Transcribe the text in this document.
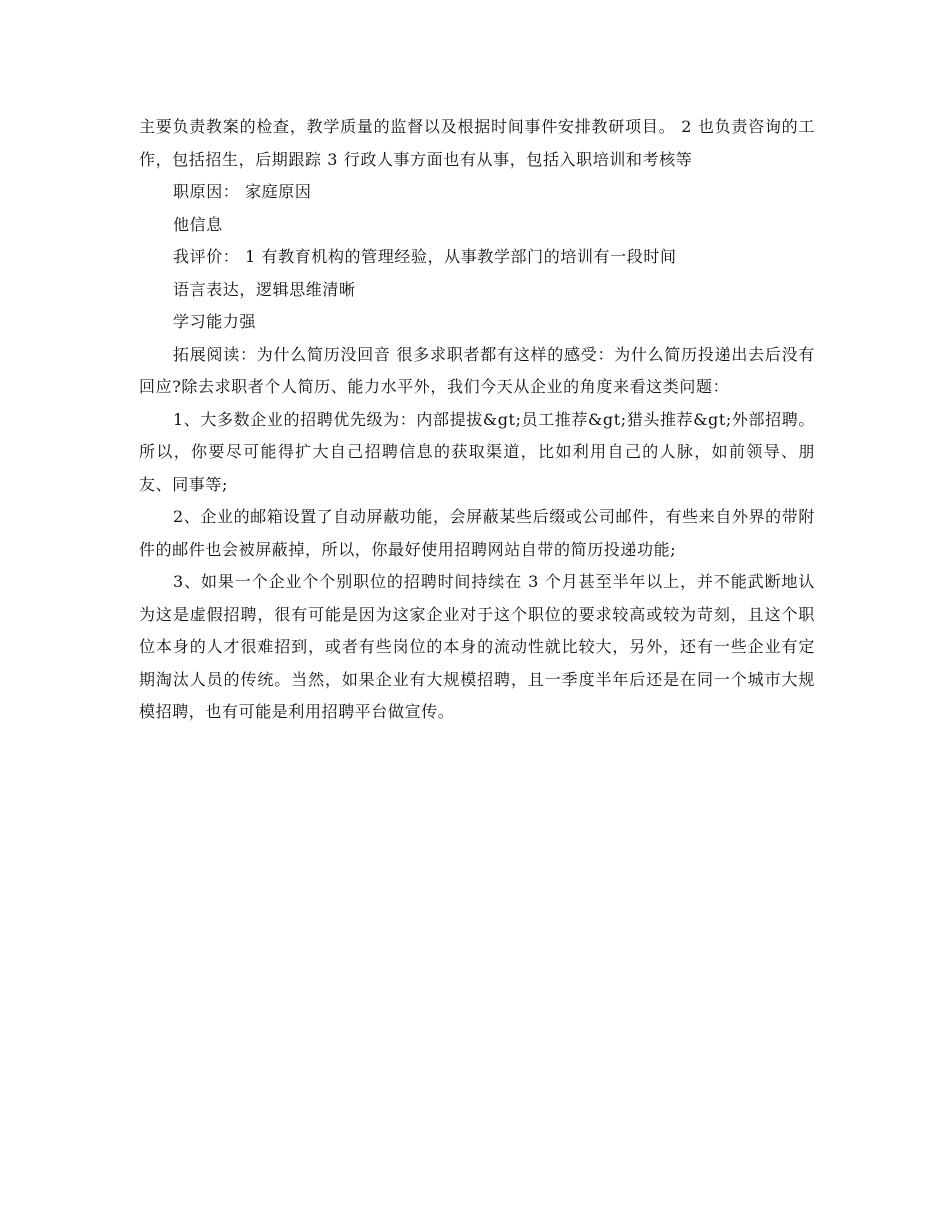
主要负责教案的检查，教学质量的监督以及根据时间事件安排教研项目。 2 也负责咨询的工作，包括招生，后期跟踪 3 行政人事方面也有从事，包括入职培训和考核等

职原因： 家庭原因

他信息

我评价： 1 有教育机构的管理经验，从事教学部门的培训有一段时间

语言表达，逻辑思维清晰

学习能力强

拓展阅读：为什么简历没回音 很多求职者都有这样的感受：为什么简历投递出去后没有回应?除去求职者个人简历、能力水平外，我们今天从企业的角度来看这类问题：

1、大多数企业的招聘优先级为：内部提拔&gt;员工推荐&gt;猎头推荐&gt;外部招聘。所以，你要尽可能得扩大自己招聘信息的获取渠道，比如利用自己的人脉，如前领导、朋友、同事等;

2、企业的邮箱设置了自动屏蔽功能，会屏蔽某些后缀或公司邮件，有些来自外界的带附件的邮件也会被屏蔽掉，所以，你最好使用招聘网站自带的简历投递功能;

3、如果一个企业个个别职位的招聘时间持续在 3 个月甚至半年以上，并不能武断地认为这是虚假招聘，很有可能是因为这家企业对于这个职位的要求较高或较为苛刻，且这个职位本身的人才很难招到，或者有些岗位的本身的流动性就比较大，另外，还有一些企业有定期淘汰人员的传统。当然，如果企业有大规模招聘，且一季度半年后还是在同一个城市大规模招聘，也有可能是利用招聘平台做宣传。
